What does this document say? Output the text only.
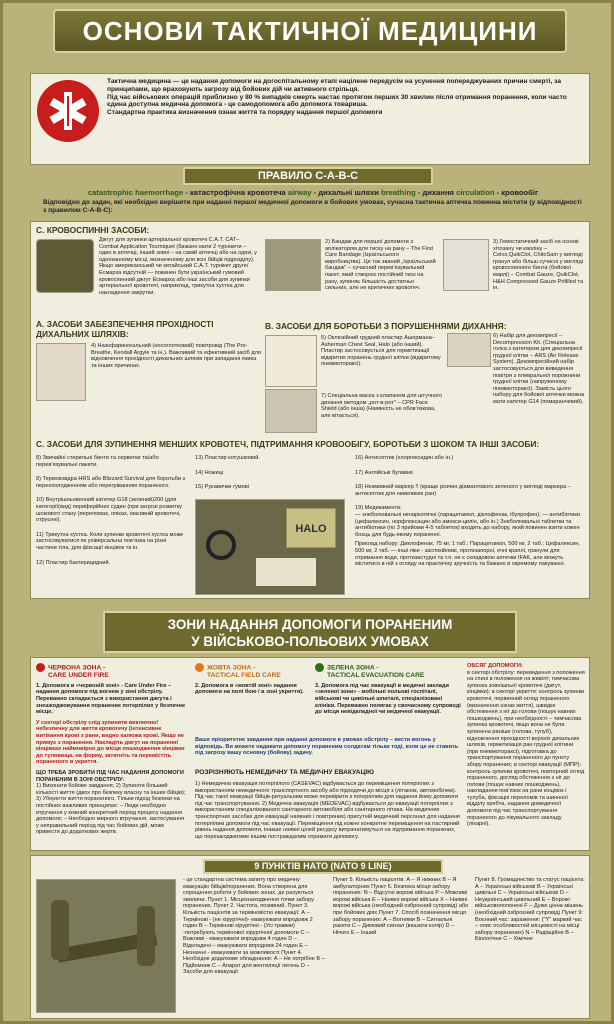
ОСНОВИ ТАКТИЧНОЇ МЕДИЦИНИ
Тактична медицина — це надання допомоги на догоспітальному етапі націлене передусім на усунення попереджуваних причин смерті, за принципами, що враховують загрозу від бойових дій чи активного стрільця.
Під час військових операцій приблизно у 80 % випадків смерть настає протягом перших 30 хвилин після отримання поранення, коли часто єдина доступна медична допомога - це самодопомога або допомога товариша.
Стандартна практика визначення ознак життя та порядку надання першої допомоги
ПРАВИЛО С-А-В-С
catastrophic haemorrhage - катастрофічна кровотеча airway - дихальні шляхи breathing - дихання circulation - кровообіг
Відповідно до задач, які необхідно вирішити при наданні першої медичної допомоги в бойових умовах, сучасна тактична аптечка повинна містити (у відповідності з правилом С-А-В-С):
С. КРОВОСПИННІ ЗАСОБИ:
Джгут для зупинки артеріальної кровотечі C.A.T. CAT– Combat Application Tourniquet (бажано мати 2 турнікети – один в аптечці, інший зовні – на самій аптечці або на одязі, у одноканному місці, визначеному для всіх бійців підрозділу). Якщо американський чи китайський C.A.T. турнікет друге/ Есмарха відсутній — повинен бути український гумовий кровоспинний джгут Есмарха або інші засоби для зупинки артеріальної кровотечі, наприклад, трикутна хустка для накладення закрутки.
2) Бандаж для першої допомоги з аплікатором для тиску на рану – The First Care Bandage (Ізраїльського виробництва). Це так званий „Ізраїльський бандаж" – сучасний перев’язувальний пакет, який створює постійний тиск на рану, зупиняє більшість достатньо сильних, але не критичних кровотеч.
3) Гемостатичний засіб на основі хітозану чи каоліну – Celox,QuikClot, ChitoSam у вигляді гранул або більш сучасні у вигляді кровоспинного бинта (бойової марлі) – Combat Gauze, QuikClot, H&H Compressed Gauze Prifilled та ін.
А. ЗАСОБИ ЗАБЕЗПЕЧЕННЯ ПРОХІДНОСТІ ДИХАЛЬНИХ ШЛЯХІВ:
4) Назофарингеальний (носоглотковий) повітровід (The Pro-Breathe, Kendall Argyle та ін.). Важливий та ефективний засіб для відновлення прохідності дихальних шляхів при западанні язика та інших причинах.
В. ЗАСОБИ ДЛЯ БОРОТЬБИ З ПОРУШЕННЯМИ ДИХАННЯ:
5) Оклюзійний грудний пластир Ашермана– Asherman Chest Seal, Halo (або інший). Пластир застосовується для герметизації відкритих поранень грудної клітки (відкритому пневмотораксі).
6) Набір для декомпресії – Decompression Kit. (Спеціальна голка з катетером для декомпресії грудної клітки – ARS (Air Release System). Декомпресійний набір застосовується для виведення повітря з плевральної порожнини грудної клітки (напруженому пневмотораксі). Замість цього набору для бойової аптечки можна мати катетер G14 (помаранчевий).
7) Спеціальна маска з клапаном для штучного дихання методом „рот-в-рот" – CPR Face Shield (або інша) (Наявність не обов’язкова, але вітається).
С. ЗАСОБИ ДЛЯ ЗУПИНЕННЯ МЕНШИХ КРОВОТЕЧ, ПІДТРИМАННЯ КРОВООБІГУ, БОРОТЬБИ З ШОКОМ ТА ІНШІ ЗАСОБИ:
8) Звичайні стерильні бинти та серветки та/або перев’язувальні пакети.
9) Термоковдра HRS або Blizzard Survival для боротьби з переохолодженням або перегріванням пораненого.
10) Внутрішньовенний катетер G18 (зелений)200 (для категорії(вид) периферійних судин (при загрозі розвитку шокового стану (переломах, опіках, масивній кровотечі, отруєнні).
11) Трикутна хустка. Коли зупинки кровотечі хустка може застосовуватися як універсальна пов’язка на різні частини тіла, для фіксації кінцівок та ін.
12) Пластир бактерицидний.
13) Пластир котушковий.
14) Ножиці
15) Рукавички гумові
HALO
16) Антисептик (хлоргексидин або ін.)
17) Англійські булавки
18) Незмивний маркер !! (краще розчин діамантового зеленого у вигляді маркера – антисептик для невеликих ран)
19) Медикаменти:
— знеболювальні ненаркотичні (парацетамол, діклофенак, ібупрофен); — антибіотики (цефалексин, норфлоксацин або амокси-цилін, або ін.) Знеболювальні таблетки та антибіотики (по 3 прийоми 4-5 таблеток) входять до набору, який повинен взяти кожен боєць для будь-якому пораненні.
Приклад набору: Диклофенак, 75 мг, 1 таб.; Парацетамол, 500 мг, 2 таб.; Цефалексин, 500 мг, 2 таб. — інші ліки - заспокійливі, протизапорні, очні краплі, гранули для отримання води, протизастудні та т.п. не є складовою аптечки IFAK, але можуть міститися в ній з огляду на практичну зручність та бажано в окремому пакуванні.
ЗОНИ НАДАННЯ ДОПОМОГИ ПОРАНЕНИМ
У ВІЙСЬКОВО-ПОЛЬОВИХ УМОВАХ
ЧЕРВОНА ЗОНА -
CARE UNDER FIRE
1. Допомога в «червоній зоні» - Care Under Fire – надання допомоги під вогнем у зоні обстрілу. Переважно складається з використання джгута і знешкоджовування поранених потерпілих у безпечне місце.
У секторі обстрілу слід зупиняти виключно! небезпечну для життя кровотечу (інтенсивне витікання крові з рани, видно калюжа крові. Якщо не прямує з поранення. Накладіть джгут на пораненні кінцівках наймовірно до місця пошкодження кінцівки до туловища, на форму, затягніть та перемістіть пораненого в укриття.
ЩО ТРЕБА ЗРОБИТИ ПІД ЧАС НАДАННЯ ДОПОМОГИ ПОРАНЕНИМ В ЗОНІ ОБСТРІЛУ:
1) Виконати бойове завдання; 2) Зупиніти більший кількості життя (двох про безпеку власну та інших бійців); 3) Уберегти життя пораненого. Тільки підхід безпеки на постійних важливих принципах: – Люди необхідно втручання у кожний конкретний період процесу надання допомоги; – Необхідно мирного втручання, застосування у неправильний період під час бойових дій, може привести до додаткових жертв.
ЖОВТА ЗОНА -
TACTICAL FIELD CARE
2. Допомога в «жовтій зоні» надання допомоги на полі бою / в зоні укриття).
ЗЕЛЕНА ЗОНА -
TACTICAL EVACUATION CARE
3. Допомога під час евакуації в медичні заклади «зеленої зони» - мобільні польові госпіталі, військові чи цивільні шпиталі, спеціалізовані клініки. Переважно полягає у свочасному супроводі до місця невідкладної чи медичної евакуації.
Ваше пріоритетне завдання при наданні допомоги в умовах обстрілу – вести вогонь у відповідь. Ви можете надавати допомогу пораненим солдатам тільки тоді, коли це не ставить під загрозу вашу основну (бойову) задачу.
РОЗРІЗНЯЮТЬ НЕМЕДИЧНУ ТА МЕДИЧНУ ЕВАКУАЦІЮ
1) Немедична евакуація потерпілого (CASEVAC) відбувається до переміщення потерпілих з використанням немедичного транспортного засобу або підходячи до місця з (літаком, автомобілем). Під час такої евакуації бійців-ритуальним може перевірити з потерпілим для надання йому допомоги під час транспортування. 2) Медична евакуація (MEDEVAC) відбувається до евакуації потерпілих з використанням спеціалізованого санітарного автомобіля або санітарного літака. На медичних транспортних засобах для евакуації наявних і повітряних) присутній медичний персонал для надання потерпілим допомоги під час евакуації. Переміщення під кожне конкретне переміщення на пастирний рівень надання допомоги, інакше наявні цілей ресурсу витрачатимуться на підтримання поранених, що перешкоджатиме іншим постраждалим отримати допомогу.
ОБСЯГ ДОПОМОГИ:
в секторі обстрілу: перевидення з положення на спині в положення на животі; тимчасова зупинка зовнішньої кровотечі (джгут, кінцівки); в секторі укриття: контроль зупинки кровотечі, первинний огляд пораненого (визначення ознак життя), швидке обстеження з ніг до голови (пошук навних пошкоджень), при необхідності – тимчасова зупинка кровотечі, якщо вона не була зупинена раніше (голова, тулуб), відновлення прохідності верхніх дихальних шляхів, герметизація ран грудної клітини (при пневмотораксі), підготовка до транспортування пораненого до пункту збору поранених; в секторі евакуації (МПР): контроль зупинки кровотечі, повторний огляд пораненого, догляд обстеження з ніг до голови (пошук навних пошкоджень), накладання пов’язок на рани кінцівок і тулуба, фіксація переломів та шиннної відділу хребта, надання домедичної допомоги під час транспортування пораненого до лікувального закладу (лікарні).
9 ПУНКТІВ НАТО (NATO 9 LINE)
- це стандартна система запиту про медичну евакуацію бійців/поранених. Вона створена для спрощення роботи у бойових зонах, де рахуються хвилини. Пункт 1. Місцезнаходження точки забору поранених. Пункт 2. Частота, позивний. Пункт 3. Кількість пацієнтів за терміновістю евакуації: А – Термінові - (не хірургічні)- евакуювати впродовж 2 годин В – Термінові хірургічні - (Усі травми) -потребують термінової хірургічної допомоги С – Важливі - евакуювати впродовж 4 годин D – Відкладені – евакуювати впродовж 24 годин Е – Незначні - евакуювати за можливості Пункт 4. Необхідне додаткове обладнання: А – Не потрібне В – Підйомник С – Апарат для вентиляції легень D – Засоби для евакуації
Пункт 5. Кількість пацієнтів: А – Я нижних В – Я амбулаторних Пункт 6. Безпека місця забору поранених: N – Відсутні ворожі війська P – Можливі ворожі війська Е – Наявні ворожі війська X – Наявні ворожі війська (необхідний озброєний супровід) або при бойових діях Пункт 7. Спосіб позначення місця забору поранених: А – Вогнями В – Сигнальні ракети С – Димовий сигнал (вказати колір) D – Нічого Е – Інший
Пункт 8. Громадянство та статус пацієнта: А – Українські військові В – Українські цивільні С – Українські військові D – Неукраїнський цивільний Е – Ворожі військовополонені F – Дуже цінна мішень (необхідний озброєний супровід) Пункт 9: Воєнний час: зараження: ("Y" маркий час – опис особливостей місцевості на місці забору поранених) N – Радіаційне В – Біологічне С – Хімічне
